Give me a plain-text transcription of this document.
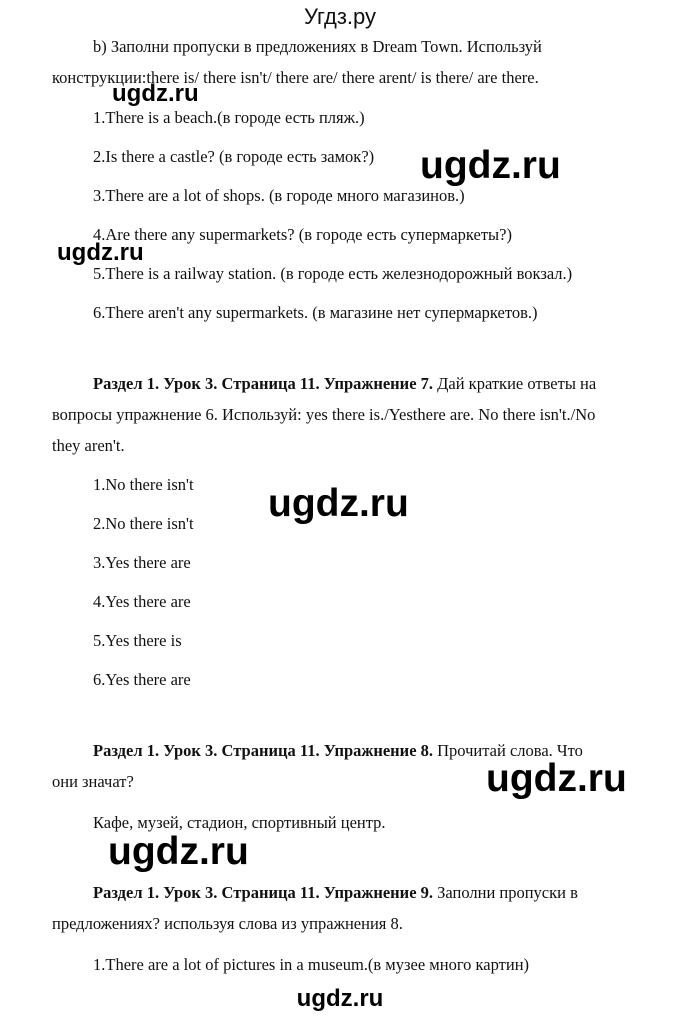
Угдз.ру
b) Заполни пропуски в предложениях в Dream Town. Используй
конструкции:there is/ there isn't/ there are/ there arent/ is there/ are there.
1.There is a beach.(в городе есть пляж.)
2.Is there a castle? (в городе есть замок?)
3.There are a lot of shops. (в городе много магазинов.)
4.Are there any supermarkets? (в городе есть супермаркеты?)
5.There is a railway station. (в городе есть железнодорожный вокзал.)
6.There aren't any supermarkets. (в магазине нет супермаркетов.)
Раздел 1. Урок 3. Страница 11. Упражнение 7. Дай краткие ответы на
вопросы упражнение 6. Используй: yes there is./Yesthere are. No there isn't./No
they aren't.
1.No there isn't
2.No there isn't
3.Yes there are
4.Yes there are
5.Yes there is
6.Yes there are
Раздел 1. Урок 3. Страница 11. Упражнение 8. Прочитай слова. Что
они значат?
Кафе, музей, стадион, спортивный центр.
Раздел 1. Урок 3. Страница 11. Упражнение 9. Заполни пропуски в
предложениях? используя слова из упражнения 8.
1.There are a lot of pictures in a museum.(в музее много картин)
ugdz.ru
ugdz.ru
ugdz.ru
ugdz.ru
ugdz.ru
ugdz.ru
ugdz.ru
